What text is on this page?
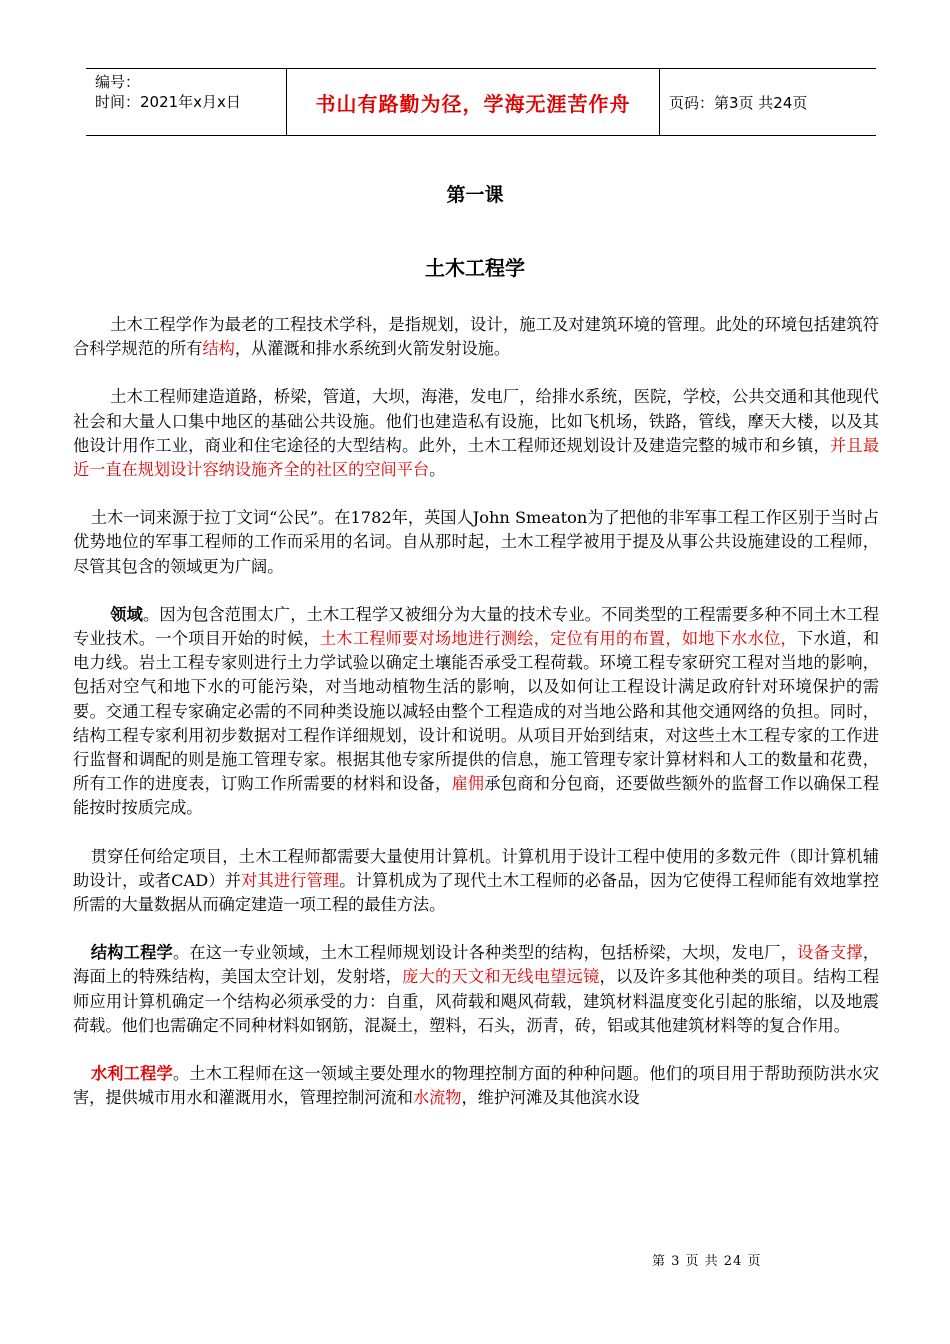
编号：
时间：2021年x月x日	书山有路勤为径，学海无涯苦作舟	页码：第3页 共24页
第一课
土木工程学

土木工程学作为最老的工程技术学科，是指规划，设计，施工及对建筑环境的管理。此处的环境包括建筑符合科学规范的所有结构，从灌溉和排水系统到火箭发射设施。

土木工程师建造道路，桥梁，管道，大坝，海港，发电厂，给排水系统，医院，学校，公共交通和其他现代社会和大量人口集中地区的基础公共设施。他们也建造私有设施，比如飞机场，铁路，管线，摩天大楼，以及其他设计用作工业，商业和住宅途径的大型结构。此外，土木工程师还规划设计及建造完整的城市和乡镇，并且最近一直在规划设计容纳设施齐全的社区的空间平台。

土木一词来源于拉丁文词“公民”。在1782年，英国人John Smeaton为了把他的非军事工程工作区别于当时占优势地位的军事工程师的工作而采用的名词。自从那时起，土木工程学被用于提及从事公共设施建设的工程师，尽管其包含的领域更为广阔。

领域。因为包含范围太广，土木工程学又被细分为大量的技术专业。不同类型的工程需要多种不同土木工程专业技术。一个项目开始的时候，土木工程师要对场地进行测绘，定位有用的布置，如地下水水位，下水道，和电力线。岩土工程专家则进行土力学试验以确定土壤能否承受工程荷载。环境工程专家研究工程对当地的影响，包括对空气和地下水的可能污染，对当地动植物生活的影响，以及如何让工程设计满足政府针对环境保护的需要。交通工程专家确定必需的不同种类设施以减轻由整个工程造成的对当地公路和其他交通网络的负担。同时，结构工程专家利用初步数据对工程作详细规划，设计和说明。从项目开始到结束，对这些土木工程专家的工作进行监督和调配的则是施工管理专家。根据其他专家所提供的信息，施工管理专家计算材料和人工的数量和花费，所有工作的进度表，订购工作所需要的材料和设备，雇佣承包商和分包商，还要做些额外的监督工作以确保工程能按时按质完成。

贯穿任何给定项目，土木工程师都需要大量使用计算机。计算机用于设计工程中使用的多数元件（即计算机辅助设计，或者CAD）并对其进行管理。计算机成为了现代土木工程师的必备品，因为它使得工程师能有效地掌控所需的大量数据从而确定建造一项工程的最佳方法。

结构工程学。在这一专业领域，土木工程师规划设计各种类型的结构，包括桥梁，大坝，发电厂，设备支撑，海面上的特殊结构，美国太空计划，发射塔，庞大的天文和无线电望远镜，以及许多其他种类的项目。结构工程师应用计算机确定一个结构必须承受的力：自重，风荷载和飓风荷载，建筑材料温度变化引起的胀缩，以及地震荷载。他们也需确定不同种材料如钢筋，混凝土，塑料，石头，沥青，砖，铝或其他建筑材料等的复合作用。

水利工程学。土木工程师在这一领域主要处理水的物理控制方面的种种问题。他们的项目用于帮助预防洪水灾害，提供城市用水和灌溉用水，管理控制河流和水流物，维护河滩及其他滨水设

第 3 页 共 24 页
